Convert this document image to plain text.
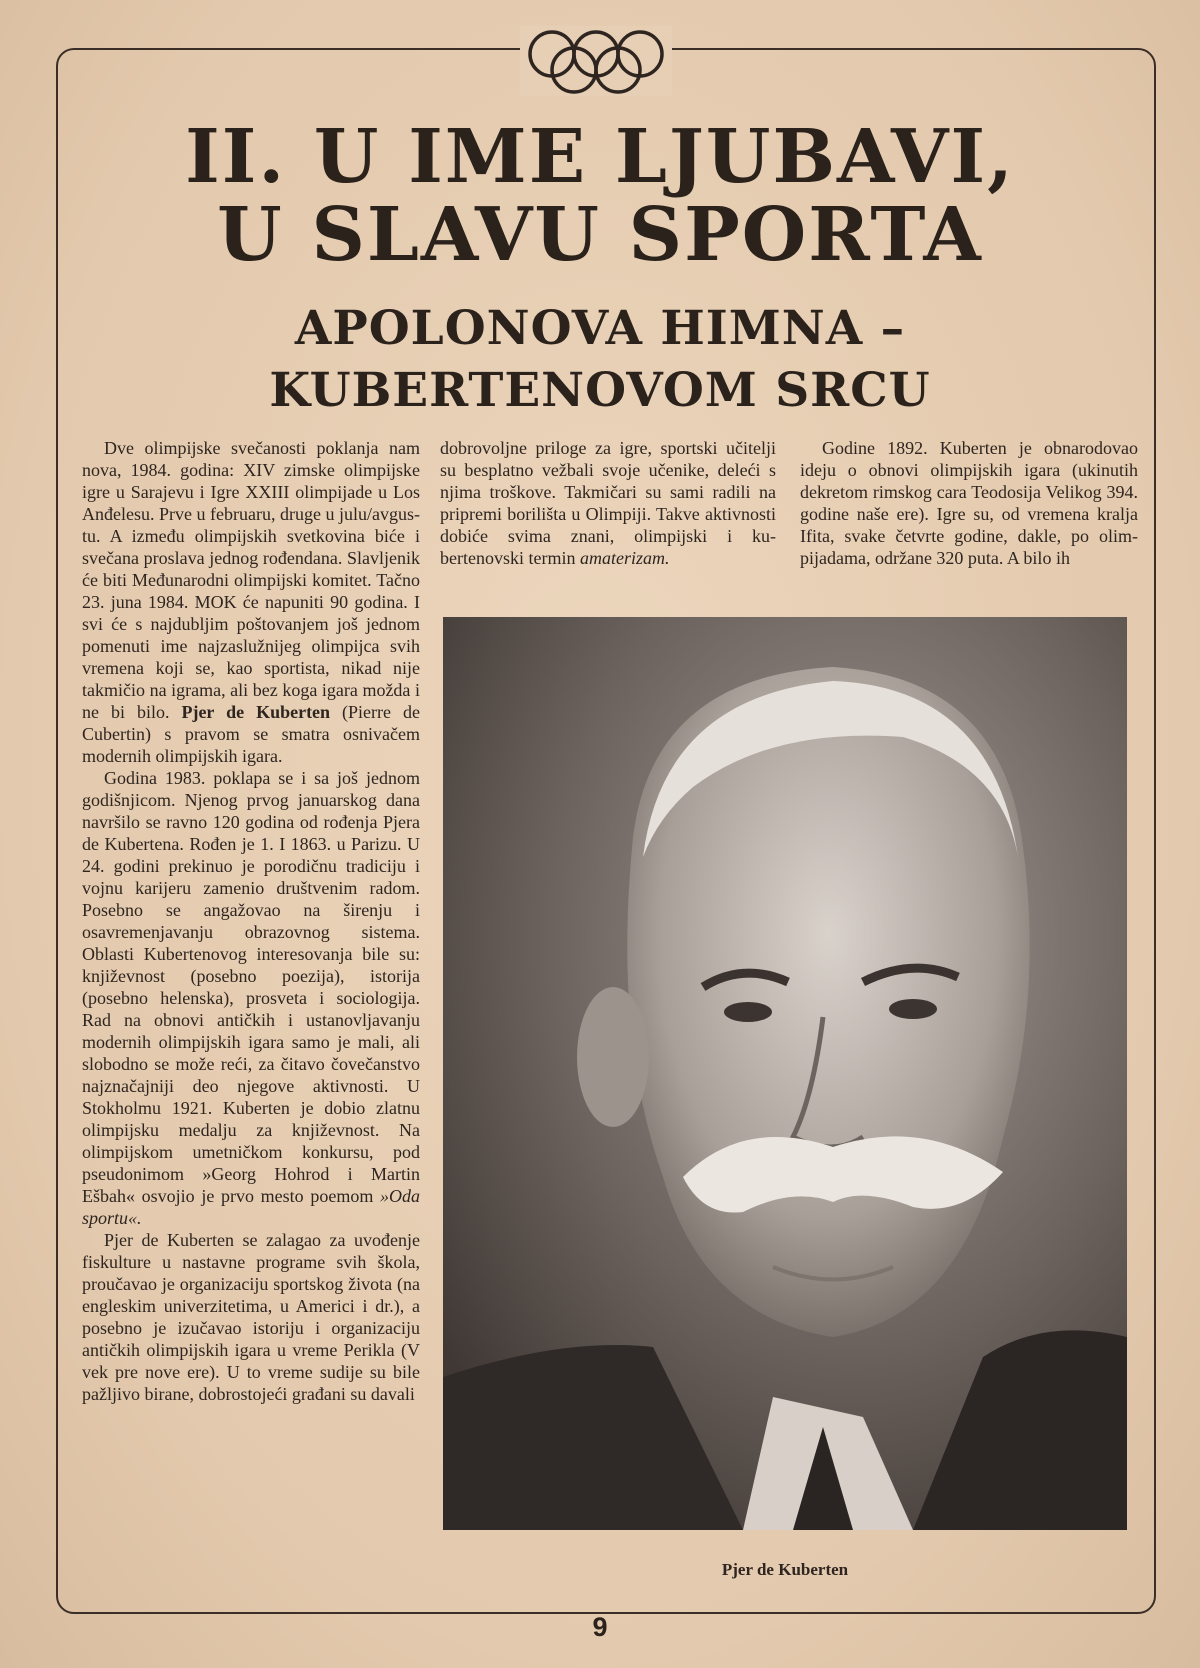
II. U IME LJUBAVI,
U SLAVU SPORTA
APOLONOVA HIMNA –
KUBERTENOVOM SRCU

Dve olimpijske svečanosti poklanja nam nova, 1984. godina: XIV zimske olimpijske igre u Sarajevu i Igre XXIII olimpijade u Los Anđelesu. Prve u februaru, druge u julu/avgustu. A između olimpijskih svetkovina biće i svečana proslava jednog rođendana. Slavljenik će biti Međunarodni olimpijski komitet. Tačno 23. juna 1984. MOK će napuniti 90 godina. I svi će s najdubljim poštovanjem još jednom pomenuti ime najzaslužnijeg olimpijca svih vremena koji se, kao sportista, nikad nije takmičio na igrama, ali bez koga igara možda i ne bi bilo. Pjer de Kuberten (Pierre de Cubertin) s pravom se smatra osnivačem modernih olimpijskih igara.

Godina 1983. poklapa se i sa još jednom godišnjicom. Njenog prvog januarskog dana navršilo se ravno 120 godina od rođenja Pjera de Kubertena. Rođen je 1. I 1863. u Parizu. U 24. godini prekinuo je porodičnu tradiciju i vojnu karijeru zamenio društvenim radom. Posebno se angažovao na širenju i osavremenjavanju obrazovnog sistema. Oblasti Kubertenovog interesovanja bile su: književnost (posebno poezija), istorija (posebno helenska), prosveta i sociologija. Rad na obnovi antičkih i ustanovljavanju modernih olimpijskih igara samo je mali, ali slobodno se može reći, za čitavo čovečanstvo najznačajniji deo njegove aktivnosti. U Stokholmu 1921. Kuberten je dobio zlatnu olimpijsku medalju za književnost. Na olimpijskom umetničkom konkursu, pod pseudonimom »Georg Hohrod i Martin Ešbah« osvojio je prvo mesto poemom »Oda sportu«.

Pjer de Kuberten se zalagao za uvođenje fiskulture u nastavne programe svih škola, proučavao je organizaciju sportskog života (na engleskim univerzitetima, u Americi i dr.), a posebno je izučavao istoriju i organizaciju antičkih olimpijskih igara u vreme Perikla (V vek pre nove ere). U to vreme sudije su bile pažljivo birane, dobrostojeći građani su davali

dobrovoljne priloge za igre, sportski učitelji su besplatno vežbali svoje učenike, deleći s njima troškove. Takmičari su sami radili na pripremi borilišta u Olimpiji. Takve aktivnosti dobiće svima znani, olimpijski i kubertenovski termin amaterizam.

Godine 1892. Kuberten je obnarodovao ideju o obnovi olimpijskih igara (ukinutih dekretom rimskog cara Teodosija Velikog 394. godine naše ere). Igre su, od vremena kralja Ifita, svake četvrte godine, dakle, po olimpijadama, održane 320 puta. A bilo ih

Pjer de Kuberten
9
